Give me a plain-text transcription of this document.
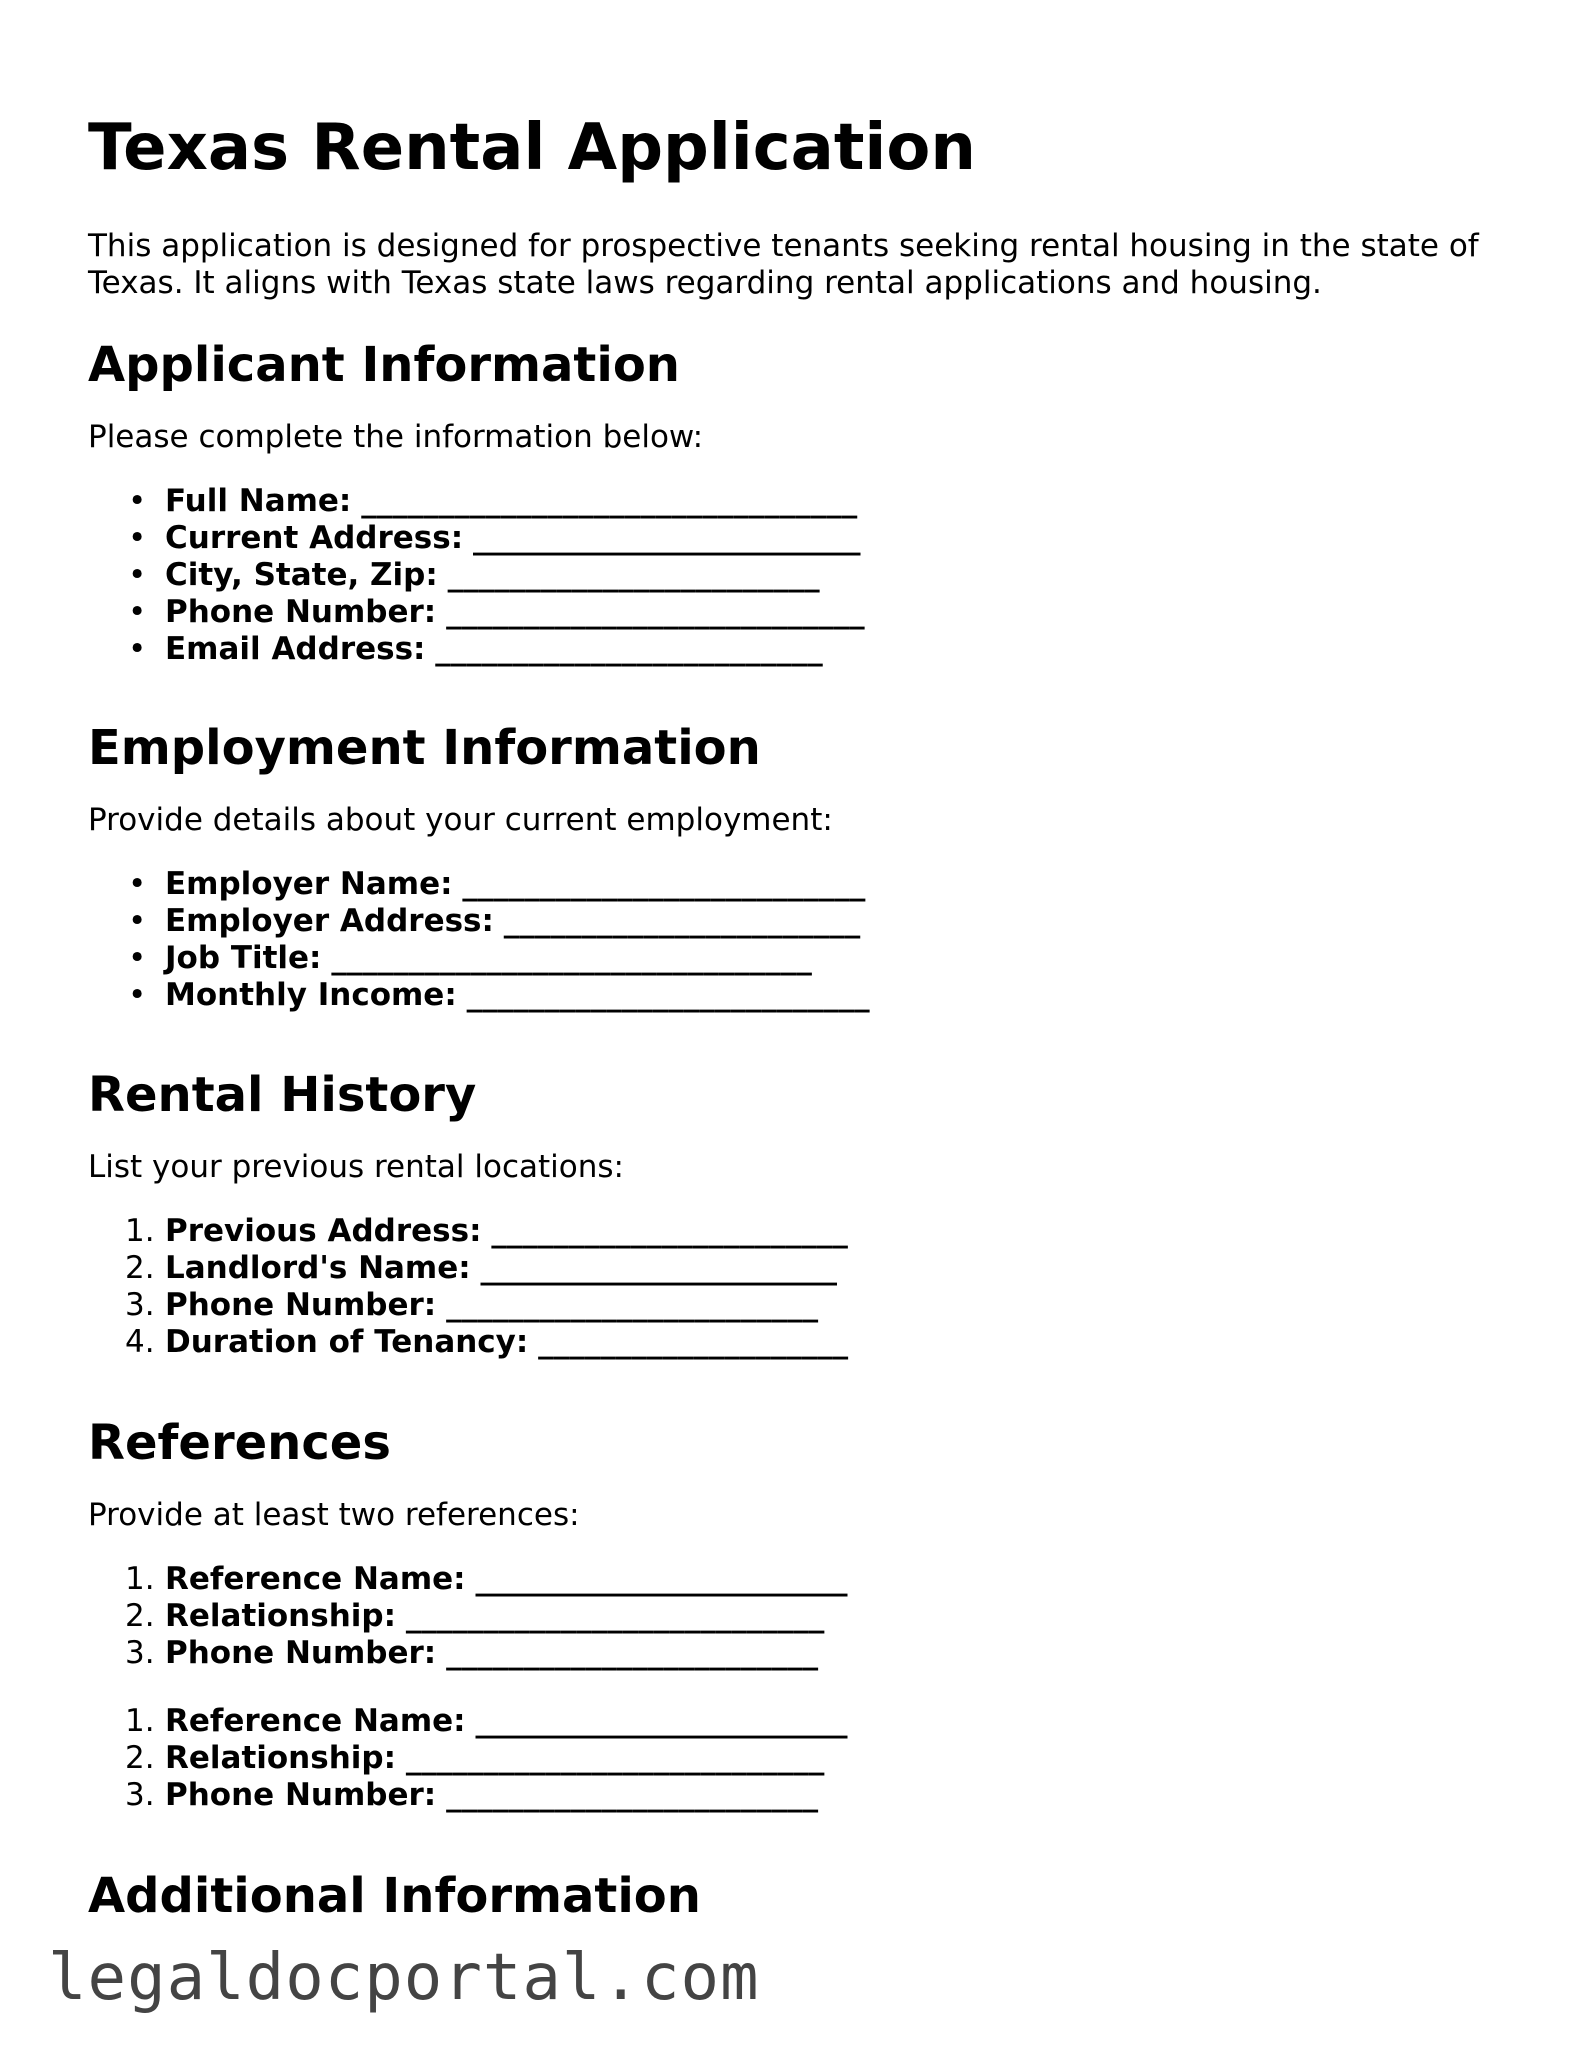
Texas Rental Application

This application is designed for prospective tenants seeking rental housing in the state of Texas. It aligns with Texas state laws regarding rental applications and housing.

Applicant Information

Please complete the information below:

• Full Name: ________________________________
• Current Address: _________________________
• City, State, Zip: ________________________
• Phone Number: ___________________________
• Email Address: _________________________
Employment Information

Provide details about your current employment:

• Employer Name: __________________________
• Employer Address: _______________________
• Job Title: _______________________________
• Monthly Income: __________________________
Rental History

List your previous rental locations:

Previous Address: _______________________
Landlord's Name: _______________________
Phone Number: ________________________
Duration of Tenancy: ____________________
References

Provide at least two references:

Reference Name: ________________________
Relationship: ___________________________
Phone Number: ________________________
Reference Name: ________________________
Relationship: ___________________________
Phone Number: ________________________
Additional Information
legaldocportal.com
